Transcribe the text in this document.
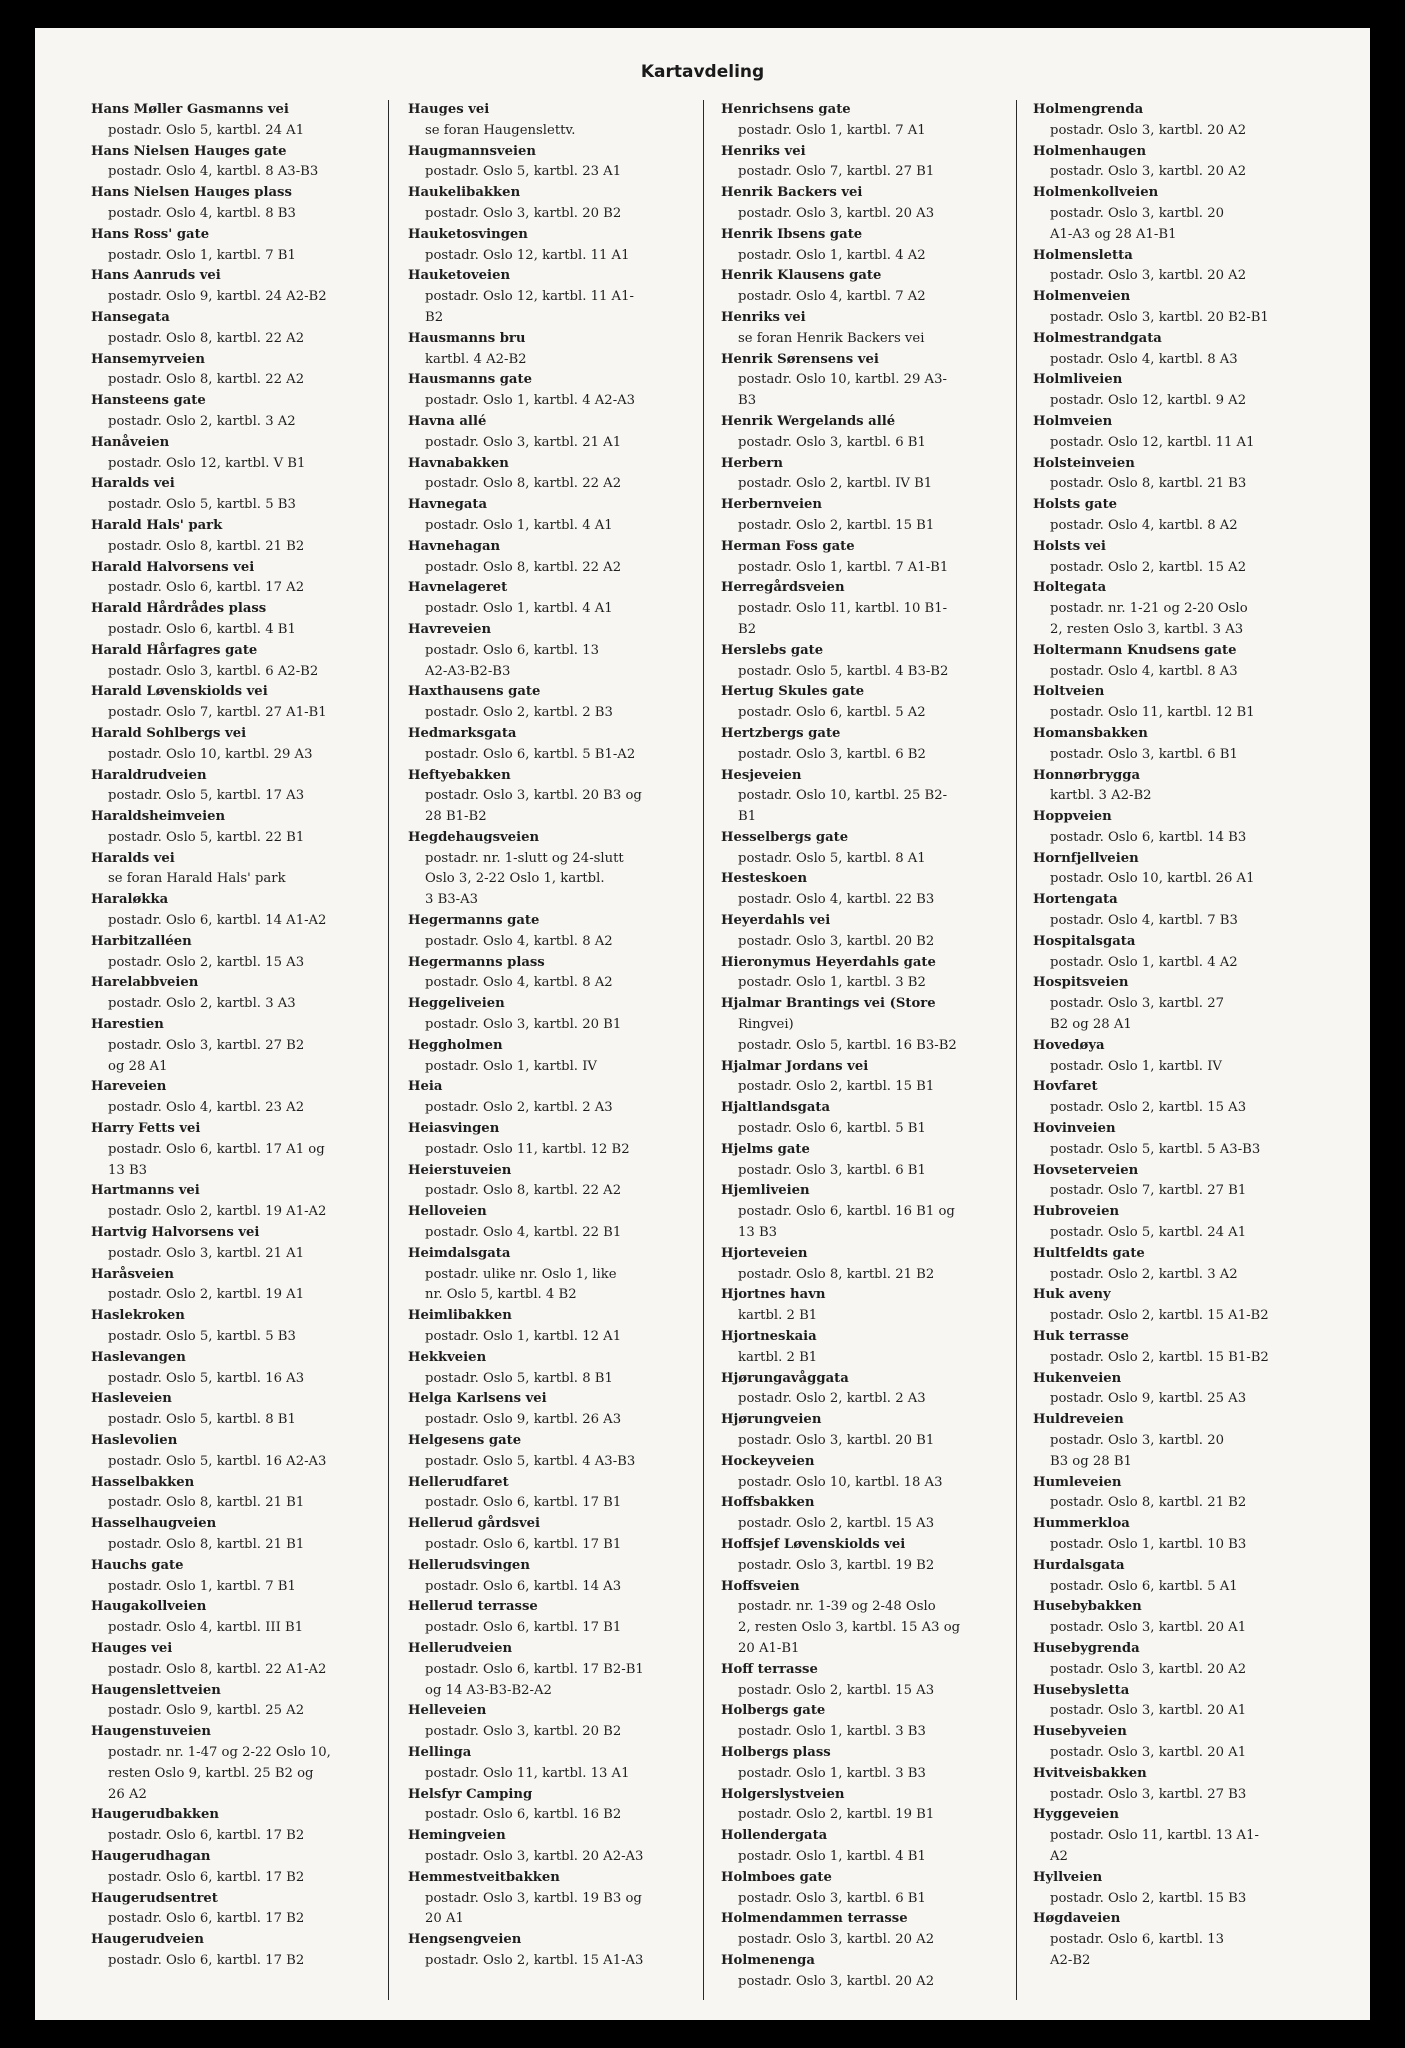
Kartavdeling
Hans Møller Gasmanns vei
postadr. Oslo 5, kartbl. 24 A1
Hans Nielsen Hauges gate
postadr. Oslo 4, kartbl. 8 A3-B3
Hans Nielsen Hauges plass
postadr. Oslo 4, kartbl. 8 B3
Hans Ross' gate
postadr. Oslo 1, kartbl. 7 B1
Hans Aanruds vei
postadr. Oslo 9, kartbl. 24 A2-B2
Hansegata
postadr. Oslo 8, kartbl. 22 A2
Hansemyrveien
postadr. Oslo 8, kartbl. 22 A2
Hansteens gate
postadr. Oslo 2, kartbl. 3 A2
Hanåveien
postadr. Oslo 12, kartbl. V B1
Haralds vei
postadr. Oslo 5, kartbl. 5 B3
Harald Hals' park
postadr. Oslo 8, kartbl. 21 B2
Harald Halvorsens vei
postadr. Oslo 6, kartbl. 17 A2
Harald Hårdrådes plass
postadr. Oslo 6, kartbl. 4 B1
Harald Hårfagres gate
postadr. Oslo 3, kartbl. 6 A2-B2
Harald Løvenskiolds vei
postadr. Oslo 7, kartbl. 27 A1-B1
Harald Sohlbergs vei
postadr. Oslo 10, kartbl. 29 A3
Haraldrudveien
postadr. Oslo 5, kartbl. 17 A3
Haraldsheimveien
postadr. Oslo 5, kartbl. 22 B1
Haralds vei
se foran Harald Hals' park
Haraløkka
postadr. Oslo 6, kartbl. 14 A1-A2
Harbitzalléen
postadr. Oslo 2, kartbl. 15 A3
Harelabbveien
postadr. Oslo 2, kartbl. 3 A3
Harestien
postadr. Oslo 3, kartbl. 27 B2
og 28 A1
Hareveien
postadr. Oslo 4, kartbl. 23 A2
Harry Fetts vei
postadr. Oslo 6, kartbl. 17 A1 og
13 B3
Hartmanns vei
postadr. Oslo 2, kartbl. 19 A1-A2
Hartvig Halvorsens vei
postadr. Oslo 3, kartbl. 21 A1
Haråsveien
postadr. Oslo 2, kartbl. 19 A1
Haslekroken
postadr. Oslo 5, kartbl. 5 B3
Haslevangen
postadr. Oslo 5, kartbl. 16 A3
Hasleveien
postadr. Oslo 5, kartbl. 8 B1
Haslevolien
postadr. Oslo 5, kartbl. 16 A2-A3
Hasselbakken
postadr. Oslo 8, kartbl. 21 B1
Hasselhaugveien
postadr. Oslo 8, kartbl. 21 B1
Hauchs gate
postadr. Oslo 1, kartbl. 7 B1
Haugakollveien
postadr. Oslo 4, kartbl. III B1
Hauges vei
postadr. Oslo 8, kartbl. 22 A1-A2
Haugenslettveien
postadr. Oslo 9, kartbl. 25 A2
Haugenstuveien
postadr. nr. 1-47 og 2-22 Oslo 10,
resten Oslo 9, kartbl. 25 B2 og
26 A2
Haugerudbakken
postadr. Oslo 6, kartbl. 17 B2
Haugerudhagan
postadr. Oslo 6, kartbl. 17 B2
Haugerudsentret
postadr. Oslo 6, kartbl. 17 B2
Haugerudveien
postadr. Oslo 6, kartbl. 17 B2
Hauges vei
se foran Haugenslettv.
Haugmannsveien
postadr. Oslo 5, kartbl. 23 A1
Haukelibakken
postadr. Oslo 3, kartbl. 20 B2
Hauketosvingen
postadr. Oslo 12, kartbl. 11 A1
Hauketoveien
postadr. Oslo 12, kartbl. 11 A1-
B2
Hausmanns bru
kartbl. 4 A2-B2
Hausmanns gate
postadr. Oslo 1, kartbl. 4 A2-A3
Havna allé
postadr. Oslo 3, kartbl. 21 A1
Havnabakken
postadr. Oslo 8, kartbl. 22 A2
Havnegata
postadr. Oslo 1, kartbl. 4 A1
Havnehagan
postadr. Oslo 8, kartbl. 22 A2
Havnelageret
postadr. Oslo 1, kartbl. 4 A1
Havreveien
postadr. Oslo 6, kartbl. 13
A2-A3-B2-B3
Haxthausens gate
postadr. Oslo 2, kartbl. 2 B3
Hedmarksgata
postadr. Oslo 6, kartbl. 5 B1-A2
Heftyebakken
postadr. Oslo 3, kartbl. 20 B3 og
28 B1-B2
Hegdehaugsveien
postadr. nr. 1-slutt og 24-slutt
Oslo 3, 2-22 Oslo 1, kartbl.
3 B3-A3
Hegermanns gate
postadr. Oslo 4, kartbl. 8 A2
Hegermanns plass
postadr. Oslo 4, kartbl. 8 A2
Heggeliveien
postadr. Oslo 3, kartbl. 20 B1
Heggholmen
postadr. Oslo 1, kartbl. IV
Heia
postadr. Oslo 2, kartbl. 2 A3
Heiasvingen
postadr. Oslo 11, kartbl. 12 B2
Heierstuveien
postadr. Oslo 8, kartbl. 22 A2
Helloveien
postadr. Oslo 4, kartbl. 22 B1
Heimdalsgata
postadr. ulike nr. Oslo 1, like
nr. Oslo 5, kartbl. 4 B2
Heimlibakken
postadr. Oslo 1, kartbl. 12 A1
Hekkveien
postadr. Oslo 5, kartbl. 8 B1
Helga Karlsens vei
postadr. Oslo 9, kartbl. 26 A3
Helgesens gate
postadr. Oslo 5, kartbl. 4 A3-B3
Hellerudfaret
postadr. Oslo 6, kartbl. 17 B1
Hellerud gårdsvei
postadr. Oslo 6, kartbl. 17 B1
Hellerudsvingen
postadr. Oslo 6, kartbl. 14 A3
Hellerud terrasse
postadr. Oslo 6, kartbl. 17 B1
Hellerudveien
postadr. Oslo 6, kartbl. 17 B2-B1
og 14 A3-B3-B2-A2
Helleveien
postadr. Oslo 3, kartbl. 20 B2
Hellinga
postadr. Oslo 11, kartbl. 13 A1
Helsfyr Camping
postadr. Oslo 6, kartbl. 16 B2
Hemingveien
postadr. Oslo 3, kartbl. 20 A2-A3
Hemmestveitbakken
postadr. Oslo 3, kartbl. 19 B3 og
20 A1
Hengsengveien
postadr. Oslo 2, kartbl. 15 A1-A3
Henrichsens gate
postadr. Oslo 1, kartbl. 7 A1
Henriks vei
postadr. Oslo 7, kartbl. 27 B1
Henrik Backers vei
postadr. Oslo 3, kartbl. 20 A3
Henrik Ibsens gate
postadr. Oslo 1, kartbl. 4 A2
Henrik Klausens gate
postadr. Oslo 4, kartbl. 7 A2
Henriks vei
se foran Henrik Backers vei
Henrik Sørensens vei
postadr. Oslo 10, kartbl. 29 A3-
B3
Henrik Wergelands allé
postadr. Oslo 3, kartbl. 6 B1
Herbern
postadr. Oslo 2, kartbl. IV B1
Herbernveien
postadr. Oslo 2, kartbl. 15 B1
Herman Foss gate
postadr. Oslo 1, kartbl. 7 A1-B1
Herregårdsveien
postadr. Oslo 11, kartbl. 10 B1-
B2
Herslebs gate
postadr. Oslo 5, kartbl. 4 B3-B2
Hertug Skules gate
postadr. Oslo 6, kartbl. 5 A2
Hertzbergs gate
postadr. Oslo 3, kartbl. 6 B2
Hesjeveien
postadr. Oslo 10, kartbl. 25 B2-
B1
Hesselbergs gate
postadr. Oslo 5, kartbl. 8 A1
Hesteskoen
postadr. Oslo 4, kartbl. 22 B3
Heyerdahls vei
postadr. Oslo 3, kartbl. 20 B2
Hieronymus Heyerdahls gate
postadr. Oslo 1, kartbl. 3 B2
Hjalmar Brantings vei (Store
Ringvei)
postadr. Oslo 5, kartbl. 16 B3-B2
Hjalmar Jordans vei
postadr. Oslo 2, kartbl. 15 B1
Hjaltlandsgata
postadr. Oslo 6, kartbl. 5 B1
Hjelms gate
postadr. Oslo 3, kartbl. 6 B1
Hjemliveien
postadr. Oslo 6, kartbl. 16 B1 og
13 B3
Hjorteveien
postadr. Oslo 8, kartbl. 21 B2
Hjortnes havn
kartbl. 2 B1
Hjortneskaia
kartbl. 2 B1
Hjørungavåggata
postadr. Oslo 2, kartbl. 2 A3
Hjørungveien
postadr. Oslo 3, kartbl. 20 B1
Hockeyveien
postadr. Oslo 10, kartbl. 18 A3
Hoffsbakken
postadr. Oslo 2, kartbl. 15 A3
Hoffsjef Løvenskiolds vei
postadr. Oslo 3, kartbl. 19 B2
Hoffsveien
postadr. nr. 1-39 og 2-48 Oslo
2, resten Oslo 3, kartbl. 15 A3 og
20 A1-B1
Hoff terrasse
postadr. Oslo 2, kartbl. 15 A3
Holbergs gate
postadr. Oslo 1, kartbl. 3 B3
Holbergs plass
postadr. Oslo 1, kartbl. 3 B3
Holgerslystveien
postadr. Oslo 2, kartbl. 19 B1
Hollendergata
postadr. Oslo 1, kartbl. 4 B1
Holmboes gate
postadr. Oslo 3, kartbl. 6 B1
Holmendammen terrasse
postadr. Oslo 3, kartbl. 20 A2
Holmenenga
postadr. Oslo 3, kartbl. 20 A2
Holmengrenda
postadr. Oslo 3, kartbl. 20 A2
Holmenhaugen
postadr. Oslo 3, kartbl. 20 A2
Holmenkollveien
postadr. Oslo 3, kartbl. 20
A1-A3 og 28 A1-B1
Holmensletta
postadr. Oslo 3, kartbl. 20 A2
Holmenveien
postadr. Oslo 3, kartbl. 20 B2-B1
Holmestrandgata
postadr. Oslo 4, kartbl. 8 A3
Holmliveien
postadr. Oslo 12, kartbl. 9 A2
Holmveien
postadr. Oslo 12, kartbl. 11 A1
Holsteinveien
postadr. Oslo 8, kartbl. 21 B3
Holsts gate
postadr. Oslo 4, kartbl. 8 A2
Holsts vei
postadr. Oslo 2, kartbl. 15 A2
Holtegata
postadr. nr. 1-21 og 2-20 Oslo
2, resten Oslo 3, kartbl. 3 A3
Holtermann Knudsens gate
postadr. Oslo 4, kartbl. 8 A3
Holtveien
postadr. Oslo 11, kartbl. 12 B1
Homansbakken
postadr. Oslo 3, kartbl. 6 B1
Honnørbrygga
kartbl. 3 A2-B2
Hoppveien
postadr. Oslo 6, kartbl. 14 B3
Hornfjellveien
postadr. Oslo 10, kartbl. 26 A1
Hortengata
postadr. Oslo 4, kartbl. 7 B3
Hospitalsgata
postadr. Oslo 1, kartbl. 4 A2
Hospitsveien
postadr. Oslo 3, kartbl. 27
B2 og 28 A1
Hovedøya
postadr. Oslo 1, kartbl. IV
Hovfaret
postadr. Oslo 2, kartbl. 15 A3
Hovinveien
postadr. Oslo 5, kartbl. 5 A3-B3
Hovseterveien
postadr. Oslo 7, kartbl. 27 B1
Hubroveien
postadr. Oslo 5, kartbl. 24 A1
Hultfeldts gate
postadr. Oslo 2, kartbl. 3 A2
Huk aveny
postadr. Oslo 2, kartbl. 15 A1-B2
Huk terrasse
postadr. Oslo 2, kartbl. 15 B1-B2
Hukenveien
postadr. Oslo 9, kartbl. 25 A3
Huldreveien
postadr. Oslo 3, kartbl. 20
B3 og 28 B1
Humleveien
postadr. Oslo 8, kartbl. 21 B2
Hummerkloa
postadr. Oslo 1, kartbl. 10 B3
Hurdalsgata
postadr. Oslo 6, kartbl. 5 A1
Husebybakken
postadr. Oslo 3, kartbl. 20 A1
Husebygrenda
postadr. Oslo 3, kartbl. 20 A2
Husebysletta
postadr. Oslo 3, kartbl. 20 A1
Husebyveien
postadr. Oslo 3, kartbl. 20 A1
Hvitveisbakken
postadr. Oslo 3, kartbl. 27 B3
Hyggeveien
postadr. Oslo 11, kartbl. 13 A1-
A2
Hyllveien
postadr. Oslo 2, kartbl. 15 B3
Høgdaveien
postadr. Oslo 6, kartbl. 13
A2-B2
